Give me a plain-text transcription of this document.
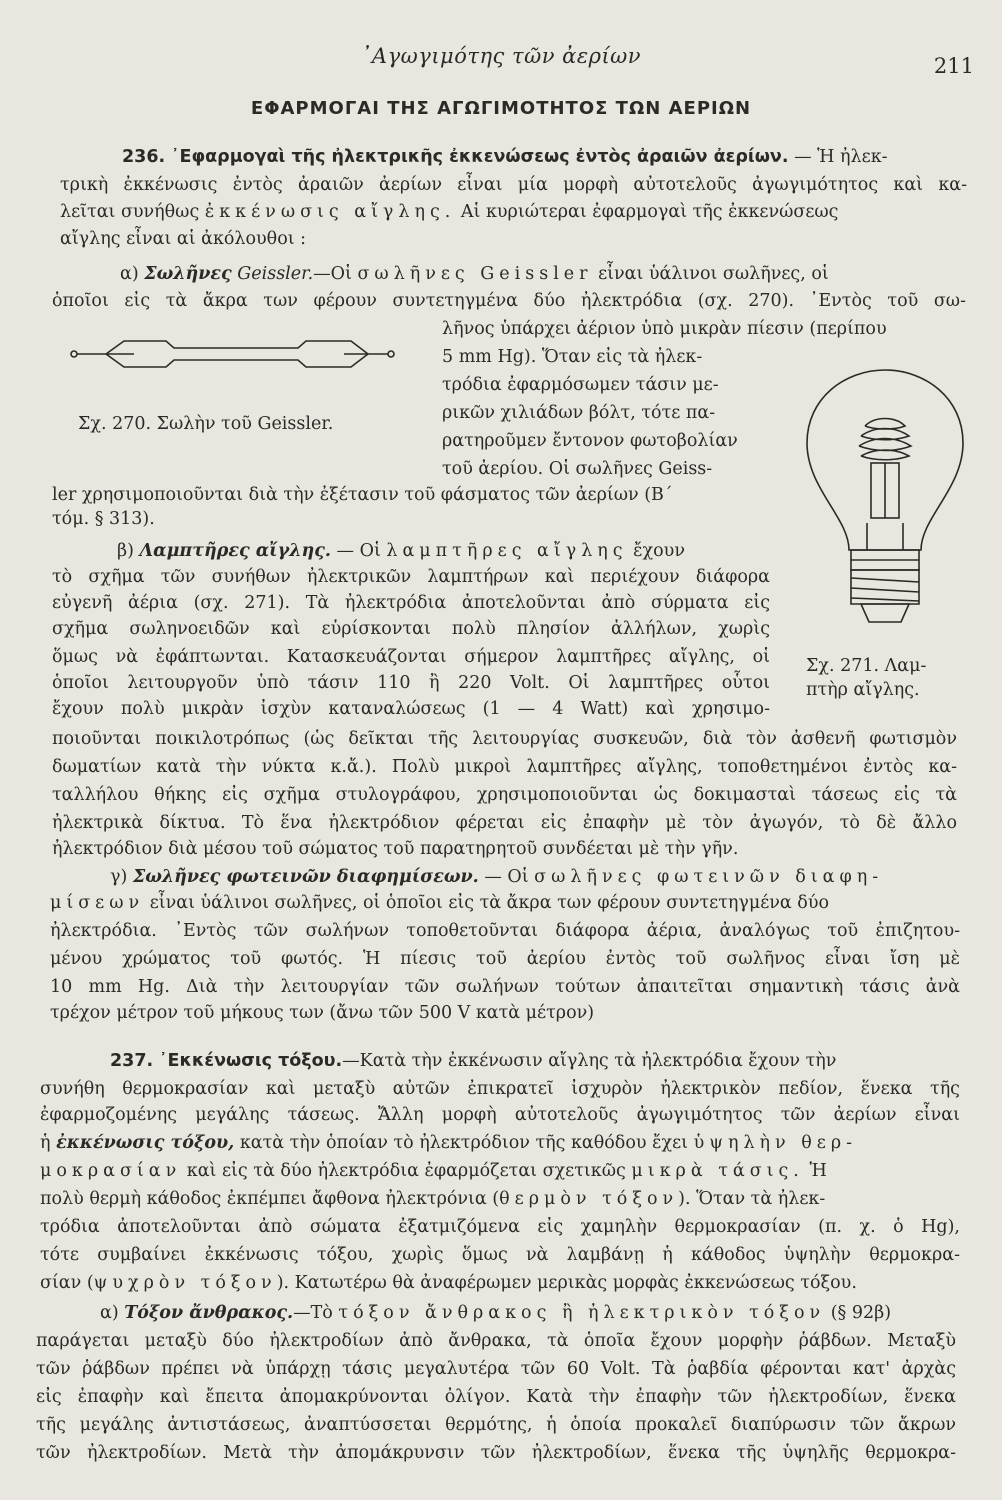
᾿Αγωγιμότης τῶν ἀερίων	211
ΕΦΑΡΜΟΓΑΙ ΤΗΣ ΑΓΩΓΙΜΟΤΗΤΟΣ ΤΩΝ ΑΕΡΙΩΝ
236. ᾿Εφαρμογαὶ τῆς ἠλεκτρικῆς ἐκκενώσεως ἐντὸς ἀραιῶν ἀερίων. — Ἡ ἠλεκ-
τρικὴ ἐκκένωσις ἐντὸς ἀραιῶν ἀερίων εἶναι μία μορφὴ αὐτοτελοῦς ἀγωγιμότητος καὶ κα-
λεῖται συνήθως ἐκκένωσις αἴγλης. Αἱ κυριώτεραι ἐφαρμογαὶ τῆς ἐκκενώσεως
αἴγλης εἶναι αἱ ἀκόλουθοι :
α) Σωλῆνες Geissler.—Οἱ σωλῆνες Geissler εἶναι ὑάλινοι σωλῆνες, οἱ
ὁποῖοι εἰς τὰ ἄκρα των φέρουν συντετηγμένα δύο ἠλεκτρόδια (σχ. 270). ᾿Εντὸς τοῦ σω-
λῆνος ὑπάρχει ἀέριον ὑπὸ μικρὰν πίεσιν (περίπου
5 mm Hg). Ὅταν εἰς τὰ ἠλεκ-
τρόδια ἐφαρμόσωμεν τάσιν με-
ρικῶν χιλιάδων βόλτ, τότε πα-
ρατηροῦμεν ἔντονον φωτοβολίαν
τοῦ ἀερίου. Οἱ σωλῆνες Geiss-
ler χρησιμοποιοῦνται διὰ τὴν ἐξέτασιν τοῦ φάσματος τῶν ἀερίων (Β΄
τόμ. § 313).
Σχ. 270. Σωλὴν τοῦ Geissler.
Σχ. 271. Λαμ-
πτὴρ αἴγλης.
β) Λαμπτῆρες αἴγλης. — Οἱ λαμπτῆρες αἴγλης ἔχουν
τὸ σχῆμα τῶν συνήθων ἠλεκτρικῶν λαμπτήρων καὶ περιέχουν διάφορα
εὐγενῆ ἀέρια (σχ. 271). Τὰ ἠλεκτρόδια ἀποτελοῦνται ἀπὸ σύρματα εἰς
σχῆμα σωληνοειδῶν καὶ εὑρίσκονται πολὺ πλησίον ἀλλήλων, χωρὶς
ὅμως νὰ ἐφάπτωνται. Κατασκευάζονται σήμερον λαμπτῆρες αἴγλης, οἱ
ὁποῖοι λειτουργοῦν ὑπὸ τάσιν 110 ἢ 220 Volt. Οἱ λαμπτῆρες οὗτοι
ἔχουν πολὺ μικρὰν ἰσχὺν καταναλώσεως (1 — 4 Watt) καὶ χρησιμο-
ποιοῦνται ποικιλοτρόπως (ὡς δεῖκται τῆς λειτουργίας συσκευῶν, διὰ τὸν ἀσθενῆ φωτισμὸν
δωματίων κατὰ τὴν νύκτα κ.ἄ.). Πολὺ μικροὶ λαμπτῆρες αἴγλης, τοποθετημένοι ἐντὸς κα-
ταλλήλου θήκης εἰς σχῆμα στυλογράφου, χρησιμοποιοῦνται ὡς δοκιμασταὶ τάσεως εἰς τὰ
ἠλεκτρικὰ δίκτυα. Τὸ ἕνα ἠλεκτρόδιον φέρεται εἰς ἐπαφὴν μὲ τὸν ἀγωγόν, τὸ δὲ ἄλλο
ἠλεκτρόδιον διὰ μέσου τοῦ σώματος τοῦ παρατηρητοῦ συνδέεται μὲ τὴν γῆν.
γ) Σωλῆνες φωτεινῶν διαφημίσεων. — Οἱ σωλῆνες φωτεινῶν διαφη-
μίσεων εἶναι ὑάλινοι σωλῆνες, οἱ ὁποῖοι εἰς τὰ ἄκρα των φέρουν συντετηγμένα δύο
ἠλεκτρόδια. ᾿Εντὸς τῶν σωλήνων τοποθετοῦνται διάφορα ἀέρια, ἀναλόγως τοῦ ἐπιζητου-
μένου χρώματος τοῦ φωτός. Ἡ πίεσις τοῦ ἀερίου ἐντὸς τοῦ σωλῆνος εἶναι ἴση μὲ
10 mm Hg. Διὰ τὴν λειτουργίαν τῶν σωλήνων τούτων ἀπαιτεῖται σημαντικὴ τάσις ἀνὰ
τρέχον μέτρον τοῦ μήκους των (ἄνω τῶν 500 V κατὰ μέτρον)
237. ᾿Εκκένωσις τόξου.—Κατὰ τὴν ἐκκένωσιν αἴγλης τὰ ἠλεκτρόδια ἔχουν τὴν
συνήθη θερμοκρασίαν καὶ μεταξὺ αὐτῶν ἐπικρατεῖ ἰσχυρὸν ἠλεκτρικὸν πεδίον, ἕνεκα τῆς
ἐφαρμοζομένης μεγάλης τάσεως. Ἄλλη μορφὴ αὐτοτελοῦς ἀγωγιμότητος τῶν ἀερίων εἶναι
ἡ ἐκκένωσις τόξου, κατὰ τὴν ὁποίαν τὸ ἠλεκτρόδιον τῆς καθόδου ἔχει ὑψηλὴν θερ-
μοκρασίαν καὶ εἰς τὰ δύο ἠλεκτρόδια ἐφαρμόζεται σχετικῶς μικρὰ τάσις. Ἡ
πολὺ θερμὴ κάθοδος ἐκπέμπει ἄφθονα ἠλεκτρόνια (θερμὸν τόξον). Ὅταν τὰ ἠλεκ-
τρόδια ἀποτελοῦνται ἀπὸ σώματα ἐξατμιζόμενα εἰς χαμηλὴν θερμοκρασίαν (π. χ. ὁ Hg),
τότε συμβαίνει ἐκκένωσις τόξου, χωρὶς ὅμως νὰ λαμβάνῃ ἡ κάθοδος ὑψηλὴν θερμοκρα-
σίαν (ψυχρὸν τόξον). Κατωτέρω θὰ ἀναφέρωμεν μερικὰς μορφὰς ἐκκενώσεως τόξου.
α) Τόξον ἄνθρακος.—Τὸ τόξον ἄνθρακος ἢ ἠλεκτρικὸν τόξον (§ 92β)
παράγεται μεταξὺ δύο ἠλεκτροδίων ἀπὸ ἄνθρακα, τὰ ὁποῖα ἔχουν μορφὴν ῥάβδων. Μεταξὺ
τῶν ῥάβδων πρέπει νὰ ὑπάρχῃ τάσις μεγαλυτέρα τῶν 60 Volt. Τὰ ῥαβδία φέρονται κατ' ἀρχὰς
εἰς ἐπαφὴν καὶ ἔπειτα ἀπομακρύνονται ὀλίγον. Κατὰ τὴν ἐπαφὴν τῶν ἠλεκτροδίων, ἕνεκα
τῆς μεγάλης ἀντιστάσεως, ἀναπτύσσεται θερμότης, ἡ ὁποία προκαλεῖ διαπύρωσιν τῶν ἄκρων
τῶν ἠλεκτροδίων. Μετὰ τὴν ἀπομάκρυνσιν τῶν ἠλεκτροδίων, ἕνεκα τῆς ὑψηλῆς θερμοκρα-
